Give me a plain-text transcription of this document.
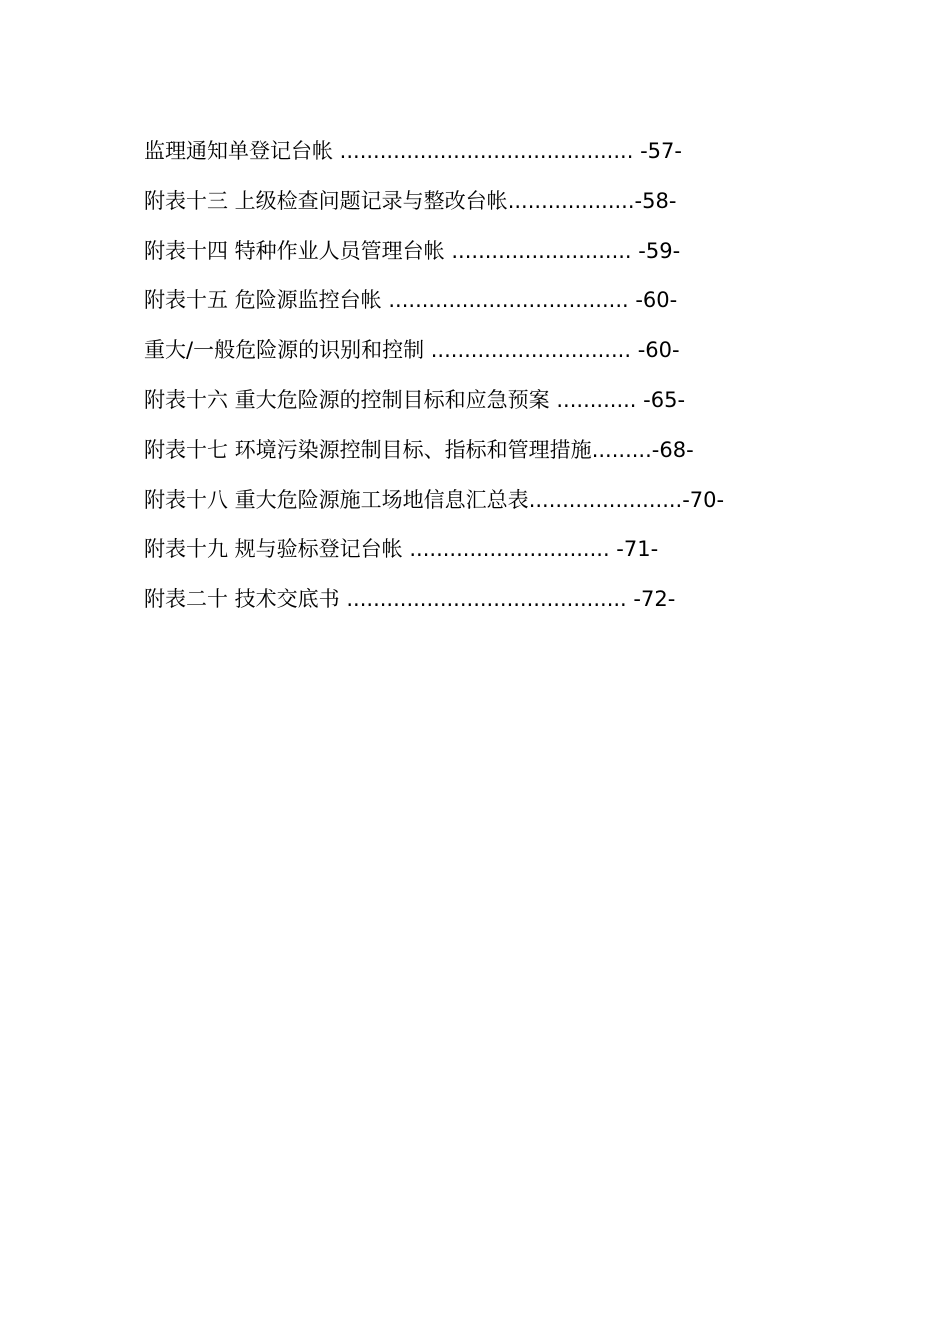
监理通知单登记台帐 ............................................ -57-
附表十三 上级检查问题记录与整改台帐...................-58-
附表十四 特种作业人员管理台帐 ........................... -59-
附表十五 危险源监控台帐 .................................... -60-
重大/一般危险源的识别和控制 .............................. -60-
附表十六 重大危险源的控制目标和应急预案 ............ -65-
附表十七 环境污染源控制目标、指标和管理措施.........-68-
附表十八 重大危险源施工场地信息汇总表.......................-70-
附表十九 规与验标登记台帐 .............................. -71-
附表二十 技术交底书 .......................................... -72-
